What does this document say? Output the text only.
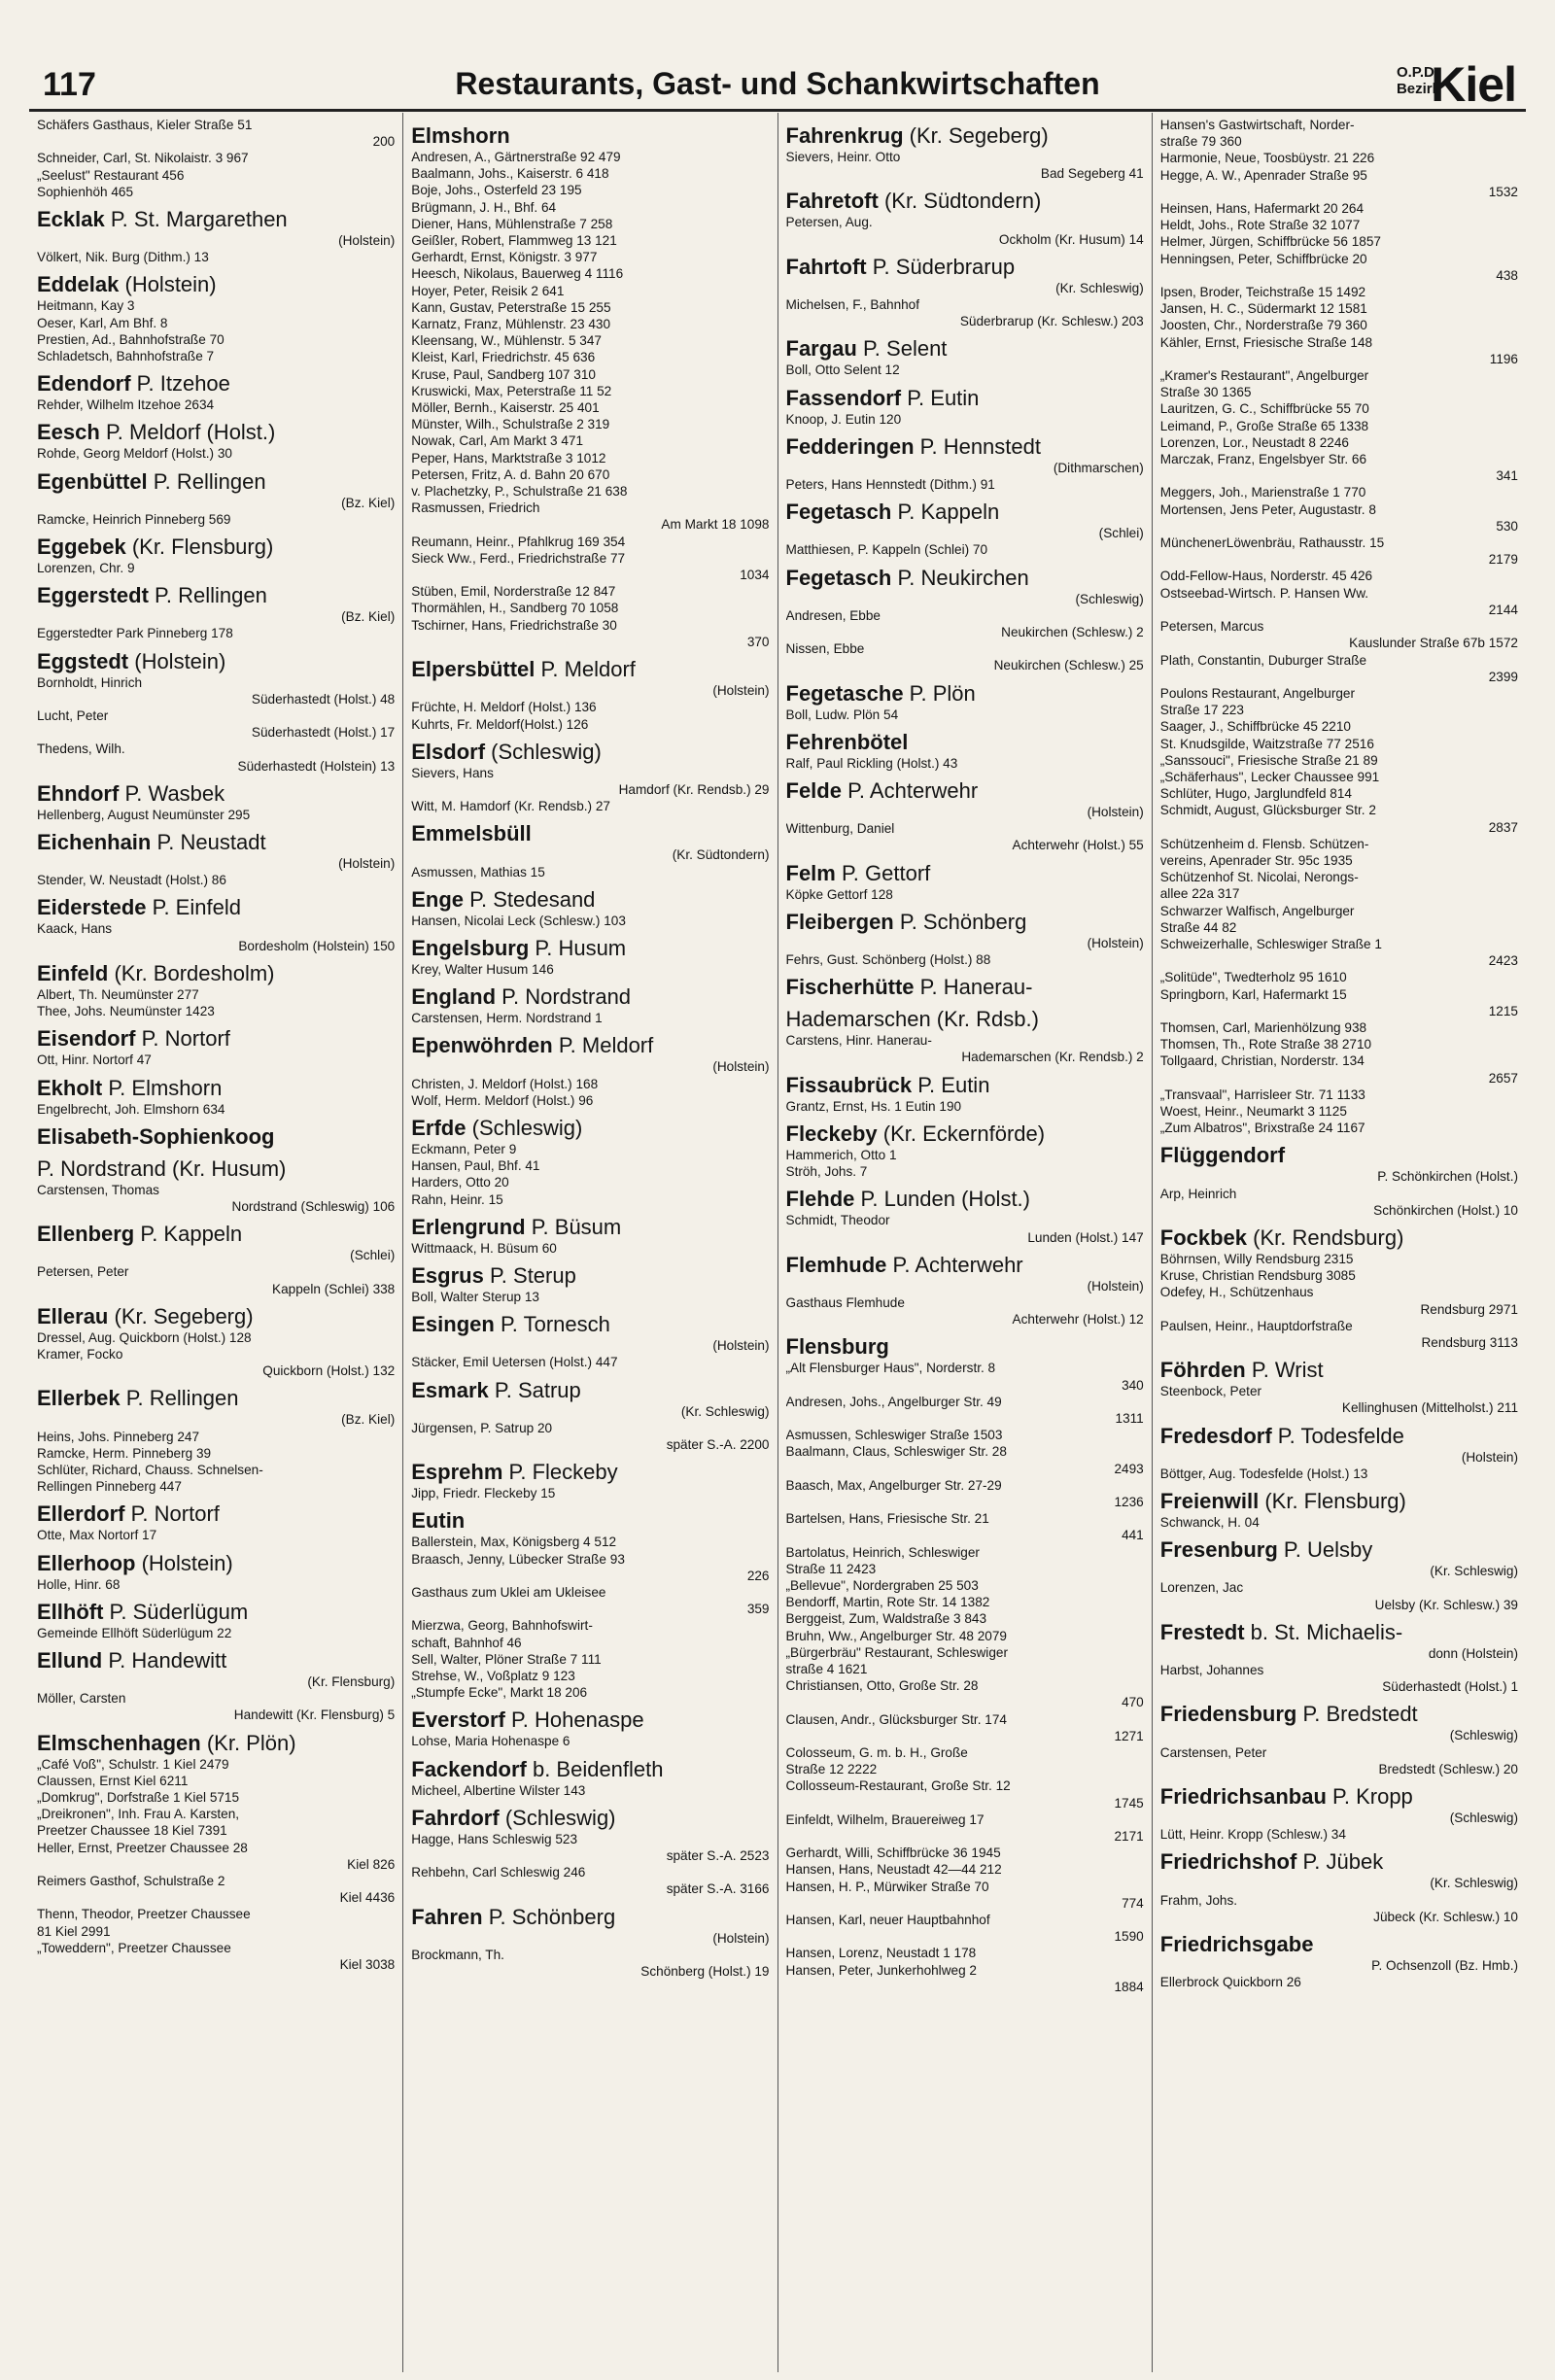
117	Restaurants, Gast- und Schankwirtschaften	O.P.D.
Bezirk
Kiel
Schäfers Gasthaus, Kieler Straße 51
200
Schneider, Carl, St. Nikolaistr. 3 967
„Seelust" Restaurant 456
Sophienhöh 465
Ecklak P. St. Margarethen
(Holstein)
Völkert, Nik. Burg (Dithm.) 13
Eddelak (Holstein)
Heitmann, Kay 3
Oeser, Karl, Am Bhf. 8
Prestien, Ad., Bahnhofstraße 70
Schladetsch, Bahnhofstraße 7
Edendorf P. Itzehoe
Rehder, Wilhelm Itzehoe 2634
Eesch P. Meldorf (Holst.)
Rohde, Georg Meldorf (Holst.) 30
Egenbüttel P. Rellingen
(Bz. Kiel)
Ramcke, Heinrich Pinneberg 569
Eggebek (Kr. Flensburg)
Lorenzen, Chr. 9
Eggerstedt P. Rellingen
(Bz. Kiel)
Eggerstedter Park Pinneberg 178
Eggstedt (Holstein)
Bornholdt, Hinrich
Süderhastedt (Holst.) 48
Lucht, Peter
Süderhastedt (Holst.) 17
Thedens, Wilh.
Süderhastedt (Holstein) 13
Ehndorf P. Wasbek
Hellenberg, August Neumünster 295
Eichenhain P. Neustadt
(Holstein)
Stender, W. Neustadt (Holst.) 86
Eiderstede P. Einfeld
Kaack, Hans
Bordesholm (Holstein) 150
Einfeld (Kr. Bordesholm)
Albert, Th. Neumünster 277
Thee, Johs. Neumünster 1423
Eisendorf P. Nortorf
Ott, Hinr. Nortorf 47
Ekholt P. Elmshorn
Engelbrecht, Joh. Elmshorn 634
Elisabeth-Sophienkoog
P. Nordstrand (Kr. Husum)
Carstensen, Thomas
Nordstrand (Schleswig) 106
Ellenberg P. Kappeln
(Schlei)
Petersen, Peter
Kappeln (Schlei) 338
Ellerau (Kr. Segeberg)
Dressel, Aug. Quickborn (Holst.) 128
Kramer, Focko
Quickborn (Holst.) 132
Ellerbek P. Rellingen
(Bz. Kiel)
Heins, Johs. Pinneberg 247
Ramcke, Herm. Pinneberg 39
Schlüter, Richard, Chauss. Schnelsen-
Rellingen Pinneberg 447
Ellerdorf P. Nortorf
Otte, Max Nortorf 17
Ellerhoop (Holstein)
Holle, Hinr. 68
Ellhöft P. Süderlügum
Gemeinde Ellhöft Süderlügum 22
Ellund P. Handewitt
(Kr. Flensburg)
Möller, Carsten
Handewitt (Kr. Flensburg) 5
Elmschenhagen (Kr. Plön)
„Café Voß", Schulstr. 1 Kiel 2479
Claussen, Ernst Kiel 6211
„Domkrug", Dorfstraße 1 Kiel 5715
„Dreikronen", Inh. Frau A. Karsten,
Preetzer Chaussee 18 Kiel 7391
Heller, Ernst, Preetzer Chaussee 28
Kiel 826
Reimers Gasthof, Schulstraße 2
Kiel 4436
Thenn, Theodor, Preetzer Chaussee
81 Kiel 2991
„Toweddern", Preetzer Chaussee
Kiel 3038
Elmshorn
Andresen, A., Gärtnerstraße 92 479
Baalmann, Johs., Kaiserstr. 6 418
Boje, Johs., Osterfeld 23 195
Brügmann, J. H., Bhf. 64
Diener, Hans, Mühlenstraße 7 258
Geißler, Robert, Flammweg 13 121
Gerhardt, Ernst, Königstr. 3 977
Heesch, Nikolaus, Bauerweg 4 1116
Hoyer, Peter, Reisik 2 641
Kann, Gustav, Peterstraße 15 255
Karnatz, Franz, Mühlenstr. 23 430
Kleensang, W., Mühlenstr. 5 347
Kleist, Karl, Friedrichstr. 45 636
Kruse, Paul, Sandberg 107 310
Kruswicki, Max, Peterstraße 11 52
Möller, Bernh., Kaiserstr. 25 401
Münster, Wilh., Schulstraße 2 319
Nowak, Carl, Am Markt 3 471
Peper, Hans, Marktstraße 3 1012
Petersen, Fritz, A. d. Bahn 20 670
v. Plachetzky, P., Schulstraße 21 638
Rasmussen, Friedrich
Am Markt 18 1098
Reumann, Heinr., Pfahlkrug 169 354
Sieck Ww., Ferd., Friedrichstraße 77
1034
Stüben, Emil, Norderstraße 12 847
Thormählen, H., Sandberg 70 1058
Tschirner, Hans, Friedrichstraße 30
370
Elpersbüttel P. Meldorf
(Holstein)
Früchte, H. Meldorf (Holst.) 136
Kuhrts, Fr. Meldorf(Holst.) 126
Elsdorf (Schleswig)
Sievers, Hans
Hamdorf (Kr. Rendsb.) 29
Witt, M. Hamdorf (Kr. Rendsb.) 27
Emmelsbüll
(Kr. Südtondern)
Asmussen, Mathias 15
Enge P. Stedesand
Hansen, Nicolai Leck (Schlesw.) 103
Engelsburg P. Husum
Krey, Walter Husum 146
England P. Nordstrand
Carstensen, Herm. Nordstrand 1
Epenwöhrden P. Meldorf
(Holstein)
Christen, J. Meldorf (Holst.) 168
Wolf, Herm. Meldorf (Holst.) 96
Erfde (Schleswig)
Eckmann, Peter 9
Hansen, Paul, Bhf. 41
Harders, Otto 20
Rahn, Heinr. 15
Erlengrund P. Büsum
Wittmaack, H. Büsum 60
Esgrus P. Sterup
Boll, Walter Sterup 13
Esingen P. Tornesch
(Holstein)
Stäcker, Emil Uetersen (Holst.) 447
Esmark P. Satrup
(Kr. Schleswig)
Jürgensen, P. Satrup 20
später S.-A. 2200
Esprehm P. Fleckeby
Jipp, Friedr. Fleckeby 15
Eutin
Ballerstein, Max, Königsberg 4 512
Braasch, Jenny, Lübecker Straße 93
226
Gasthaus zum Uklei am Ukleisee
359
Mierzwa, Georg, Bahnhofswirt-
schaft, Bahnhof 46
Sell, Walter, Plöner Straße 7 111
Strehse, W., Voßplatz 9 123
„Stumpfe Ecke", Markt 18 206
Everstorf P. Hohenaspe
Lohse, Maria Hohenaspe 6
Fackendorf b. Beidenfleth
Micheel, Albertine Wilster 143
Fahrdorf (Schleswig)
Hagge, Hans Schleswig 523
später S.-A. 2523
Rehbehn, Carl Schleswig 246
später S.-A. 3166
Fahren P. Schönberg
(Holstein)
Brockmann, Th.
Schönberg (Holst.) 19
Fahrenkrug (Kr. Segeberg)
Sievers, Heinr. Otto
Bad Segeberg 41
Fahretoft (Kr. Südtondern)
Petersen, Aug.
Ockholm (Kr. Husum) 14
Fahrtoft P. Süderbrarup
(Kr. Schleswig)
Michelsen, F., Bahnhof
Süderbrarup (Kr. Schlesw.) 203
Fargau P. Selent
Boll, Otto Selent 12
Fassendorf P. Eutin
Knoop, J. Eutin 120
Fedderingen P. Hennstedt
(Dithmarschen)
Peters, Hans Hennstedt (Dithm.) 91
Fegetasch P. Kappeln
(Schlei)
Matthiesen, P. Kappeln (Schlei) 70
Fegetasch P. Neukirchen
(Schleswig)
Andresen, Ebbe
Neukirchen (Schlesw.) 2
Nissen, Ebbe
Neukirchen (Schlesw.) 25
Fegetasche P. Plön
Boll, Ludw. Plön 54
Fehrenbötel
Ralf, Paul Rickling (Holst.) 43
Felde P. Achterwehr
(Holstein)
Wittenburg, Daniel
Achterwehr (Holst.) 55
Felm P. Gettorf
Köpke Gettorf 128
Fleibergen P. Schönberg
(Holstein)
Fehrs, Gust. Schönberg (Holst.) 88
Fischerhütte P. Hanerau-
Hademarschen (Kr. Rdsb.)
Carstens, Hinr. Hanerau-
Hademarschen (Kr. Rendsb.) 2
Fissaubrück P. Eutin
Grantz, Ernst, Hs. 1 Eutin 190
Fleckeby (Kr. Eckernförde)
Hammerich, Otto 1
Ströh, Johs. 7
Flehde P. Lunden (Holst.)
Schmidt, Theodor
Lunden (Holst.) 147
Flemhude P. Achterwehr
(Holstein)
Gasthaus Flemhude
Achterwehr (Holst.) 12
Flensburg
„Alt Flensburger Haus", Norderstr. 8
340
Andresen, Johs., Angelburger Str. 49
1311
Asmussen, Schleswiger Straße 1503
Baalmann, Claus, Schleswiger Str. 28
2493
Baasch, Max, Angelburger Str. 27-29
1236
Bartelsen, Hans, Friesische Str. 21
441
Bartolatus, Heinrich, Schleswiger
Straße 11 2423
„Bellevue", Nordergraben 25 503
Bendorff, Martin, Rote Str. 14 1382
Berggeist, Zum, Waldstraße 3 843
Bruhn, Ww., Angelburger Str. 48 2079
„Bürgerbräu" Restaurant, Schleswiger
straße 4 1621
Christiansen, Otto, Große Str. 28
470
Clausen, Andr., Glücksburger Str. 174
1271
Colosseum, G. m. b. H., Große
Straße 12 2222
Collosseum-Restaurant, Große Str. 12
1745
Einfeldt, Wilhelm, Brauereiweg 17
2171
Gerhardt, Willi, Schiffbrücke 36 1945
Hansen, Hans, Neustadt 42—44 212
Hansen, H. P., Mürwiker Straße 70
774
Hansen, Karl, neuer Hauptbahnhof
1590
Hansen, Lorenz, Neustadt 1 178
Hansen, Peter, Junkerhohlweg 2
1884
Hansen's Gastwirtschaft, Norder-
straße 79 360
Harmonie, Neue, Toosbüystr. 21 226
Hegge, A. W., Apenrader Straße 95
1532
Heinsen, Hans, Hafermarkt 20 264
Heldt, Johs., Rote Straße 32 1077
Helmer, Jürgen, Schiffbrücke 56 1857
Henningsen, Peter, Schiffbrücke 20
438
Ipsen, Broder, Teichstraße 15 1492
Jansen, H. C., Südermarkt 12 1581
Joosten, Chr., Norderstraße 79 360
Kähler, Ernst, Friesische Straße 148
1196
„Kramer's Restaurant", Angelburger
Straße 30 1365
Lauritzen, G. C., Schiffbrücke 55 70
Leimand, P., Große Straße 65 1338
Lorenzen, Lor., Neustadt 8 2246
Marczak, Franz, Engelsbyer Str. 66
341
Meggers, Joh., Marienstraße 1 770
Mortensen, Jens Peter, Augustastr. 8
530
MünchenerLöwenbräu, Rathausstr. 15
2179
Odd-Fellow-Haus, Norderstr. 45 426
Ostseebad-Wirtsch. P. Hansen Ww.
2144
Petersen, Marcus
Kauslunder Straße 67b 1572
Plath, Constantin, Duburger Straße
2399
Poulons Restaurant, Angelburger
Straße 17 223
Saager, J., Schiffbrücke 45 2210
St. Knudsgilde, Waitzstraße 77 2516
„Sanssouci", Friesische Straße 21 89
„Schäferhaus", Lecker Chaussee 991
Schlüter, Hugo, Jarglundfeld 814
Schmidt, August, Glücksburger Str. 2
2837
Schützenheim d. Flensb. Schützen-
vereins, Apenrader Str. 95c 1935
Schützenhof St. Nicolai, Nerongs-
allee 22a 317
Schwarzer Walfisch, Angelburger
Straße 44 82
Schweizerhalle, Schleswiger Straße 1
2423
„Solitüde", Twedterholz 95 1610
Springborn, Karl, Hafermarkt 15
1215
Thomsen, Carl, Marienhölzung 938
Thomsen, Th., Rote Straße 38 2710
Tollgaard, Christian, Norderstr. 134
2657
„Transvaal", Harrisleer Str. 71 1133
Woest, Heinr., Neumarkt 3 1125
„Zum Albatros", Brixstraße 24 1167
Flüggendorf
P. Schönkirchen (Holst.)
Arp, Heinrich
Schönkirchen (Holst.) 10
Fockbek (Kr. Rendsburg)
Böhrnsen, Willy Rendsburg 2315
Kruse, Christian Rendsburg 3085
Odefey, H., Schützenhaus
Rendsburg 2971
Paulsen, Heinr., Hauptdorfstraße
Rendsburg 3113
Föhrden P. Wrist
Steenbock, Peter
Kellinghusen (Mittelholst.) 211
Fredesdorf P. Todesfelde
(Holstein)
Böttger, Aug. Todesfelde (Holst.) 13
Freienwill (Kr. Flensburg)
Schwanck, H. 04
Fresenburg P. Uelsby
(Kr. Schleswig)
Lorenzen, Jac
Uelsby (Kr. Schlesw.) 39
Frestedt b. St. Michaelis-
donn (Holstein)
Harbst, Johannes
Süderhastedt (Holst.) 1
Friedensburg P. Bredstedt
(Schleswig)
Carstensen, Peter
Bredstedt (Schlesw.) 20
Friedrichsanbau P. Kropp
(Schleswig)
Lütt, Heinr. Kropp (Schlesw.) 34
Friedrichshof P. Jübek
(Kr. Schleswig)
Frahm, Johs.
Jübeck (Kr. Schlesw.) 10
Friedrichsgabe
P. Ochsenzoll (Bz. Hmb.)
Ellerbrock Quickborn 26
